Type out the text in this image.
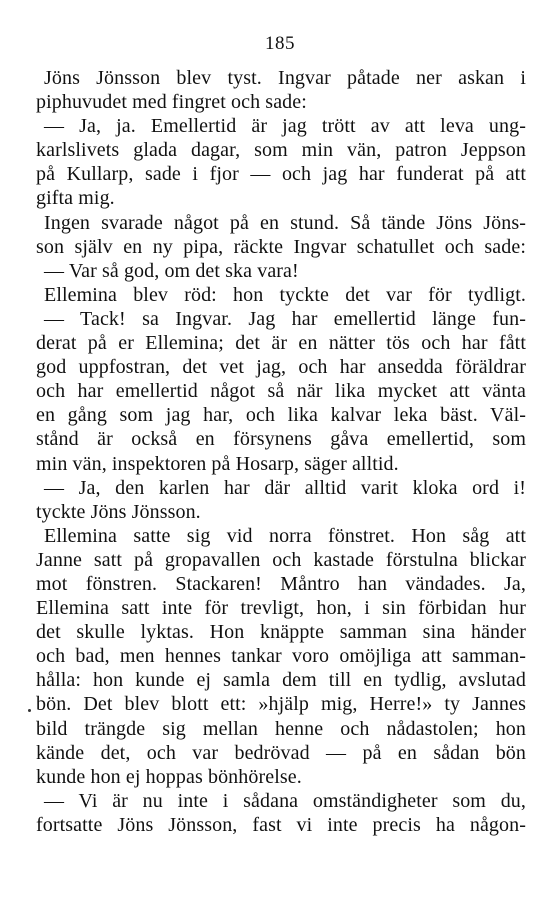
185
Jöns Jönsson blev tyst. Ingvar påtade ner askan i
piphuvudet med fingret och sade:
— Ja, ja. Emellertid är jag trött av att leva ung-
karlslivets glada dagar, som min vän, patron Jeppson
på Kullarp, sade i fjor — och jag har funderat på att
gifta mig.
Ingen svarade något på en stund. Så tände Jöns Jöns-
son själv en ny pipa, räckte Ingvar schatullet och sade:
— Var så god, om det ska vara!
Ellemina blev röd: hon tyckte det var för tydligt.
— Tack! sa Ingvar. Jag har emellertid länge fun-
derat på er Ellemina; det är en nätter tös och har fått
god uppfostran, det vet jag, och har ansedda föräldrar
och har emellertid något så när lika mycket att vänta
en gång som jag har, och lika kalvar leka bäst. Väl-
stånd är också en försynens gåva emellertid, som
min vän, inspektoren på Hosarp, säger alltid.
— Ja, den karlen har där alltid varit kloka ord i!
tyckte Jöns Jönsson.
Ellemina satte sig vid norra fönstret. Hon såg att
Janne satt på gropavallen och kastade förstulna blickar
mot fönstren. Stackaren! Måntro han vändades. Ja,
Ellemina satt inte för trevligt, hon, i sin förbidan hur
det skulle lyktas. Hon knäppte samman sina händer
och bad, men hennes tankar voro omöjliga att samman-
hålla: hon kunde ej samla dem till en tydlig, avslutad
bön. Det blev blott ett: »hjälp mig, Herre!» ty Jannes
bild trängde sig mellan henne och nådastolen; hon
kände det, och var bedrövad — på en sådan bön
kunde hon ej hoppas bönhörelse.
— Vi är nu inte i sådana omständigheter som du,
fortsatte Jöns Jönsson, fast vi inte precis ha någon-
